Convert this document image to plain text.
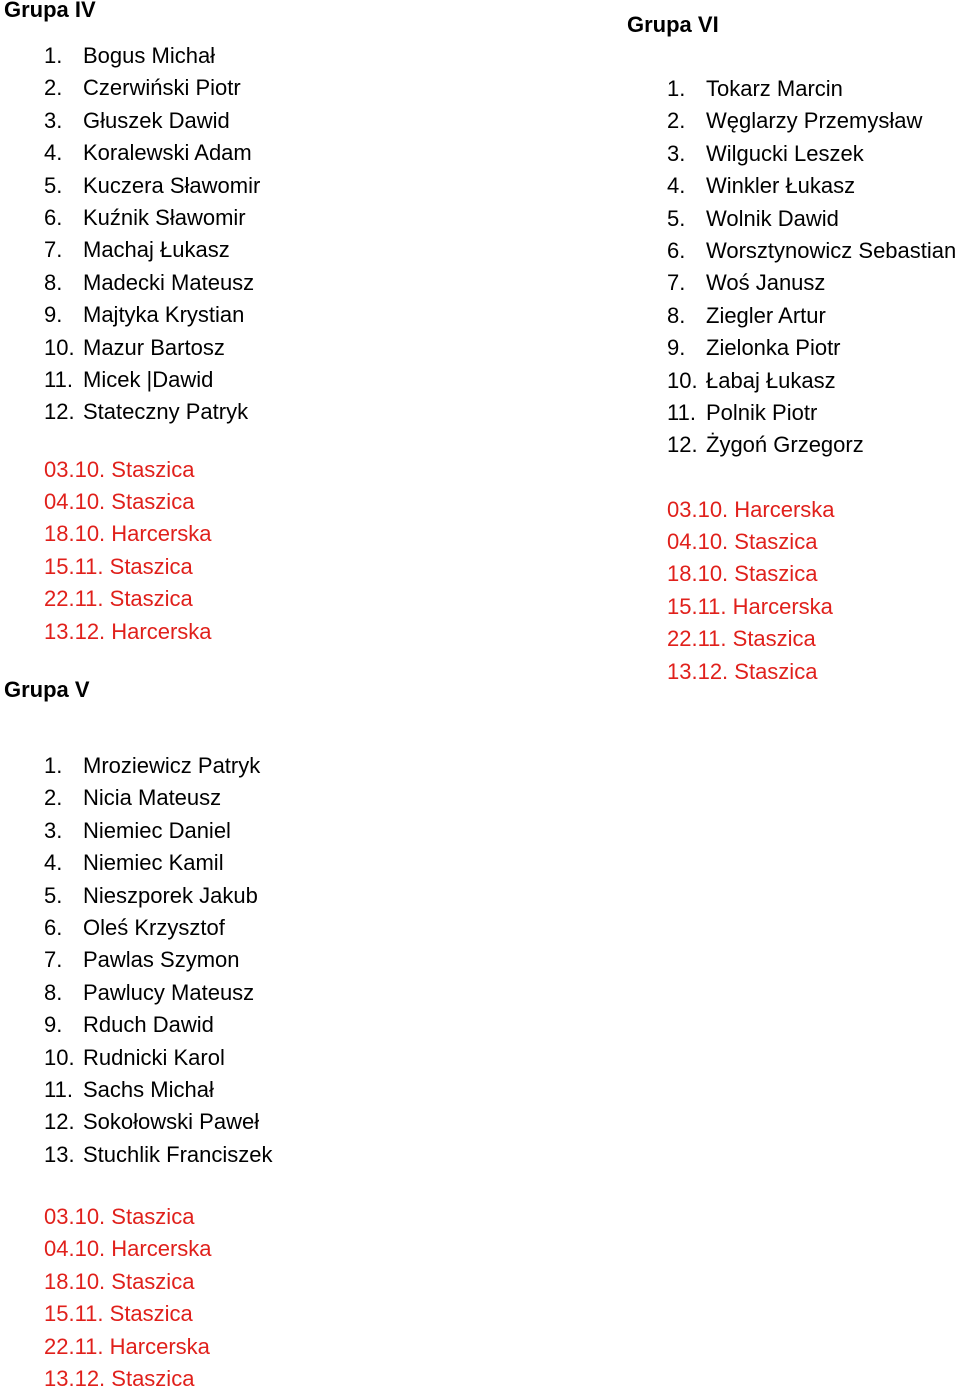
Grupa IV
1. Bogus Michał
2. Czerwiński Piotr
3. Głuszek Dawid
4. Koralewski Adam
5. Kuczera Sławomir
6. Kuźnik Sławomir
7. Machaj Łukasz
8. Madecki Mateusz
9. Majtyka Krystian
10. Mazur Bartosz
11. Micek |Dawid
12. Stateczny Patryk
03.10. Staszica
04.10. Staszica
18.10. Harcerska
15.11. Staszica
22.11. Staszica
13.12. Harcerska
Grupa V
1. Mroziewicz Patryk
2. Nicia Mateusz
3. Niemiec Daniel
4. Niemiec Kamil
5. Nieszporek Jakub
6. Oleś Krzysztof
7. Pawlas Szymon
8. Pawlucy Mateusz
9. Rduch Dawid
10. Rudnicki Karol
11. Sachs Michał
12. Sokołowski Paweł
13. Stuchlik Franciszek
03.10. Staszica
04.10. Harcerska
18.10. Staszica
15.11. Staszica
22.11. Harcerska
13.12. Staszica
Grupa VI
1. Tokarz Marcin
2. Węglarzy Przemysław
3. Wilgucki Leszek
4. Winkler Łukasz
5. Wolnik Dawid
6. Worsztynowicz Sebastian
7. Woś Janusz
8. Ziegler Artur
9. Zielonka Piotr
10. Łabaj Łukasz
11. Polnik Piotr
12. Żygoń Grzegorz
03.10. Harcerska
04.10. Staszica
18.10. Staszica
15.11. Harcerska
22.11. Staszica
13.12. Staszica
